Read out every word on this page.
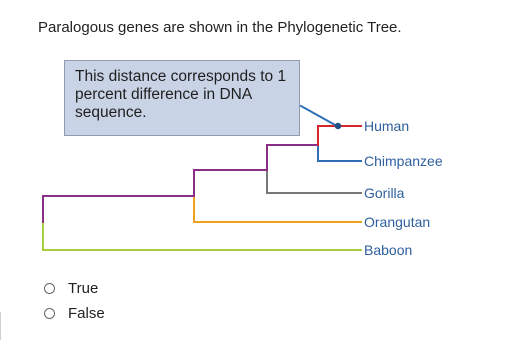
Paralogous genes are shown in the Phylogenetic Tree.
Human
Chimpanzee
Gorilla
Orangutan
Baboon
This distance corresponds to 1 percent difference in DNA sequence.
True
False
